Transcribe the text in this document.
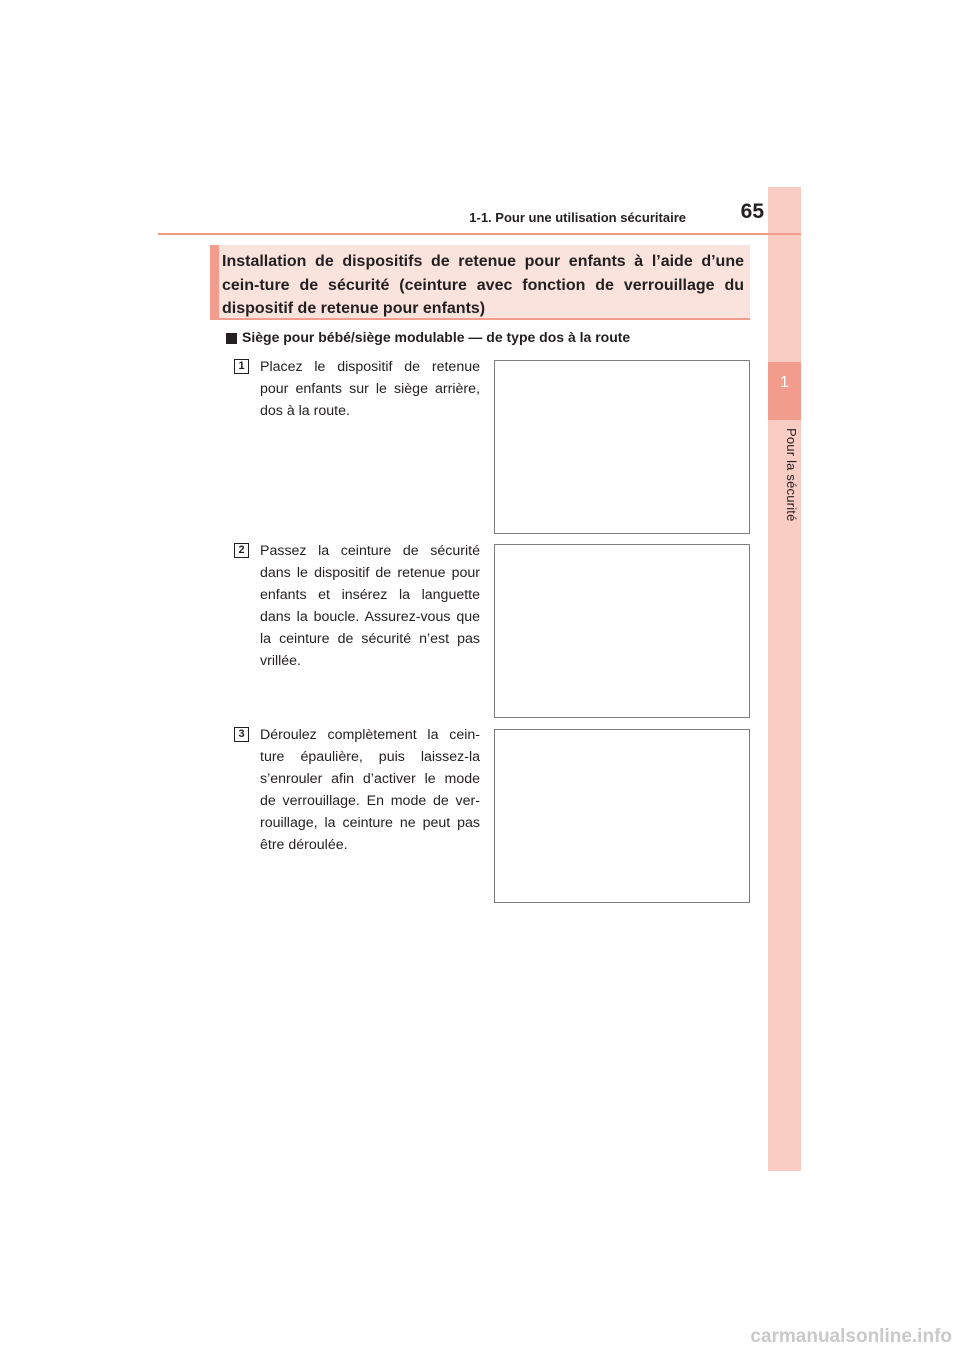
1
Pour la sécurité
1-1. Pour une utilisation sécuritaire	65
Installation de dispositifs de retenue pour enfants à l’aide d’une cein-ture de sécurité (ceinture avec fonction de verrouillage du dispositif de retenue pour enfants)
Siège pour bébé/siège modulable — de type dos à la route
1	Placez le dispositif de retenue pour enfants sur le siège arrière, dos à la route.
2	Passez la ceinture de sécurité dans le dispositif de retenue pour enfants et insérez la languette dans la boucle. Assurez-vous que la ceinture de sécurité n’est pas vrillée.
3	Déroulez complètement la cein-ture épaulière, puis laissez-la s’enrouler afin d’activer le mode de verrouillage. En mode de ver-rouillage, la ceinture ne peut pas être déroulée.
carmanualsonline.info
